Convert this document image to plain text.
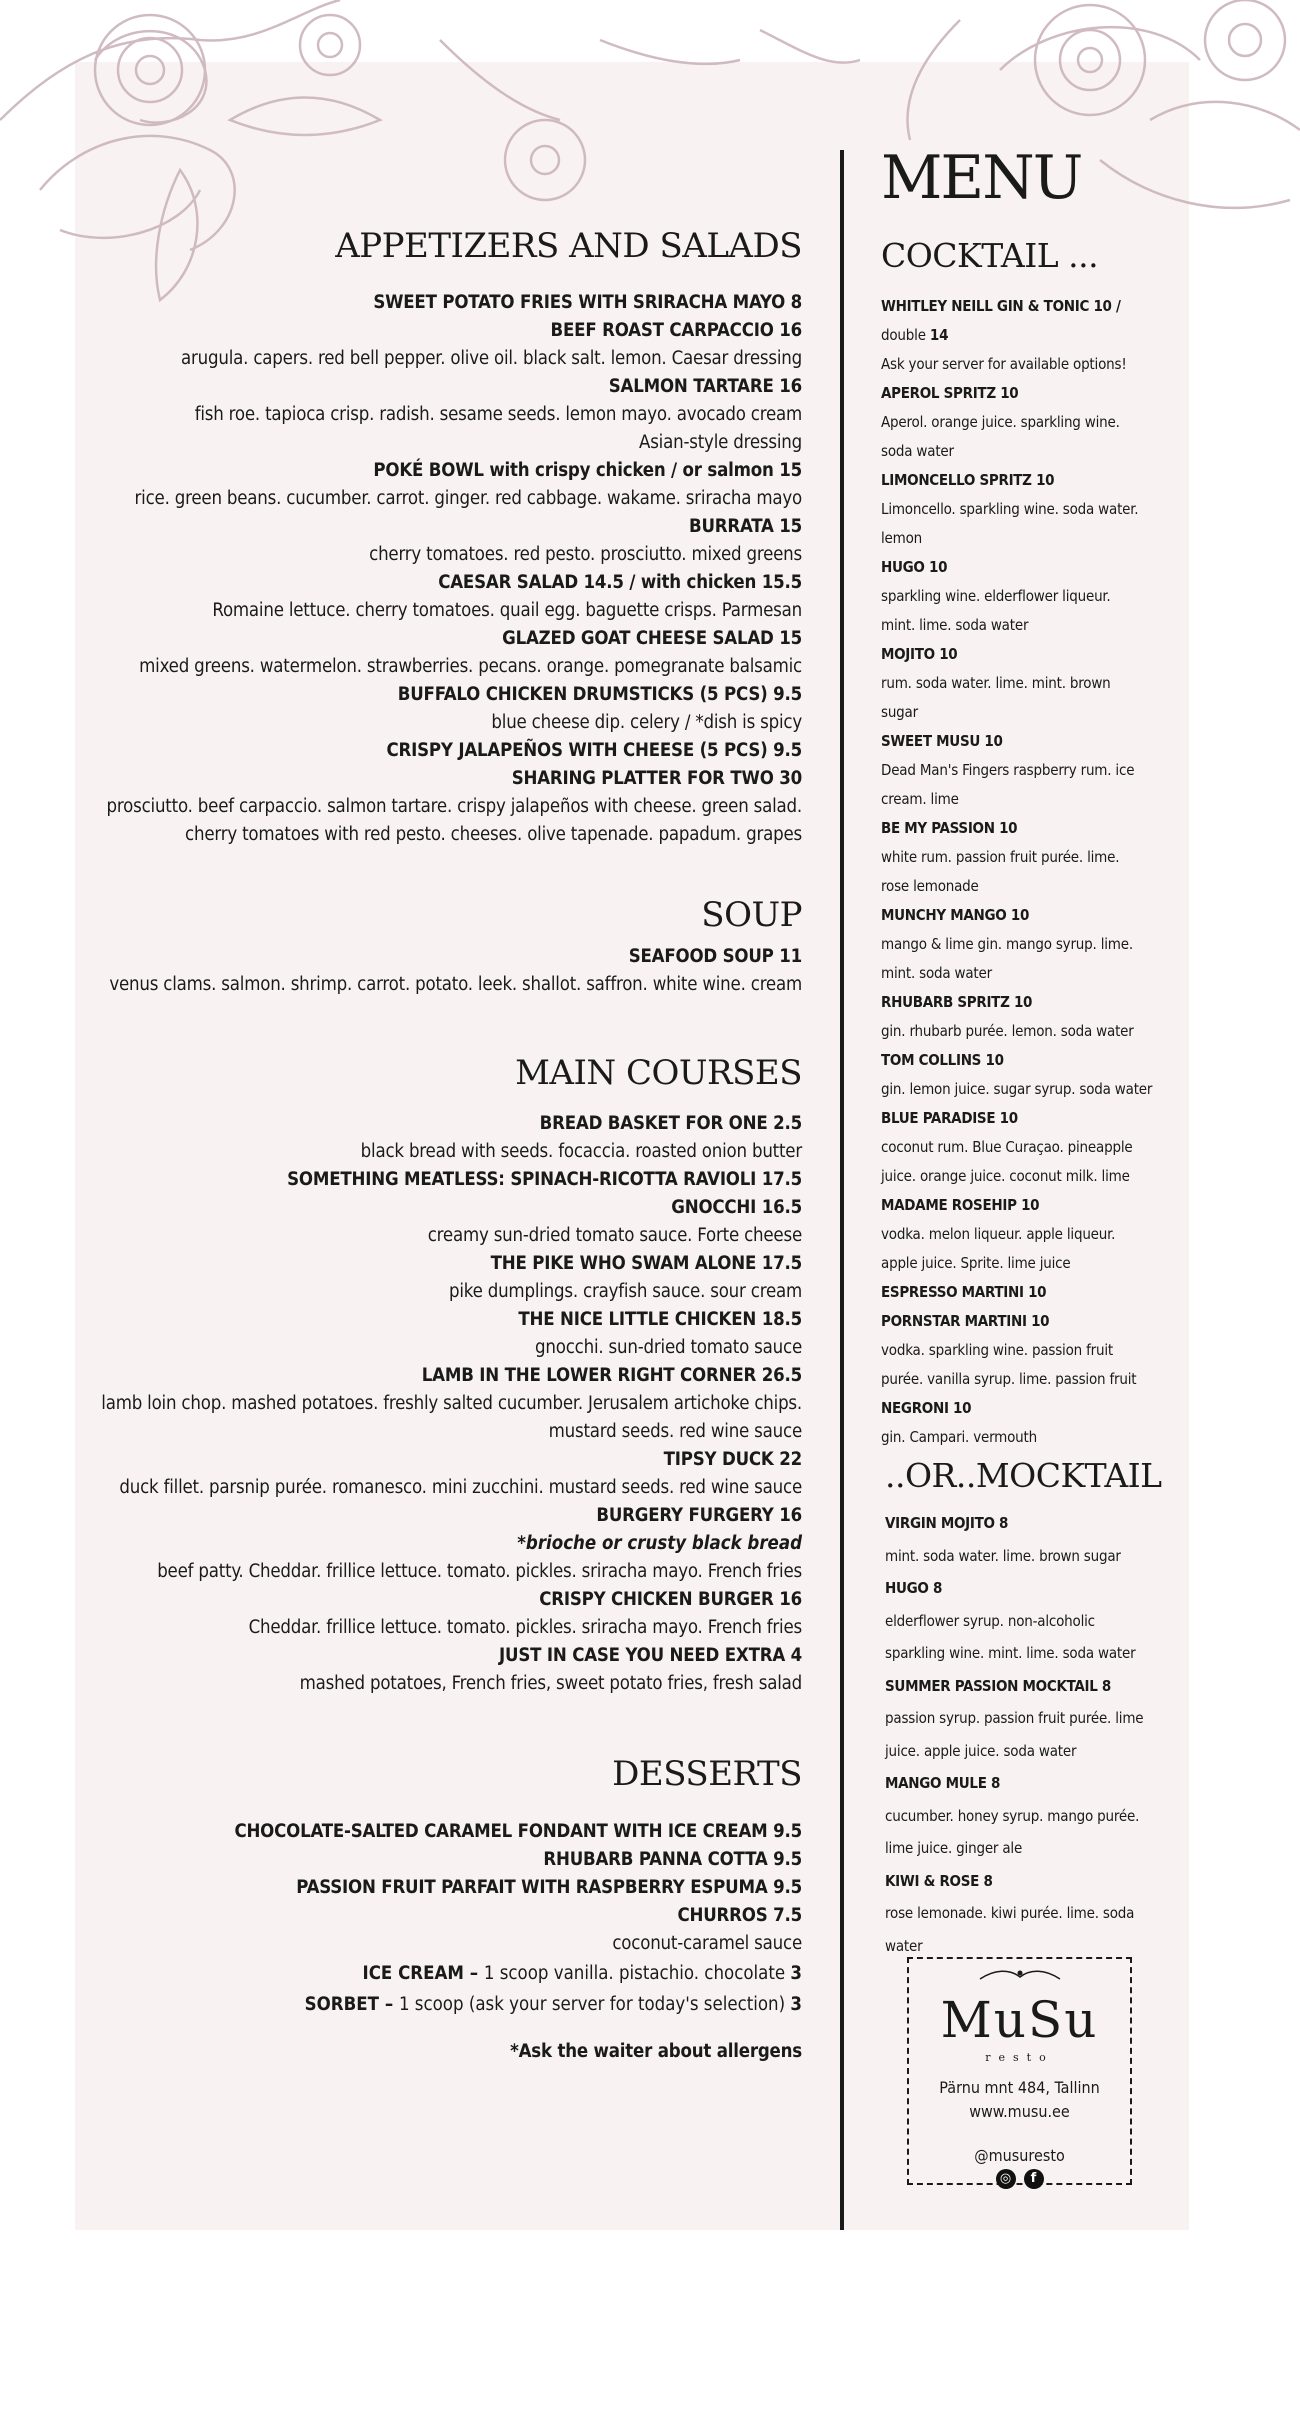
APPETIZERS AND SALADS
SWEET POTATO FRIES WITH SRIRACHA MAYO 8
BEEF ROAST CARPACCIO 16
arugula. capers. red bell pepper. olive oil. black salt. lemon. Caesar dressing
SALMON TARTARE 16
fish roe. tapioca crisp. radish. sesame seeds. lemon mayo. avocado cream
Asian-style dressing
POKÉ BOWL with crispy chicken / or salmon 15
rice. green beans. cucumber. carrot. ginger. red cabbage. wakame. sriracha mayo
BURRATA 15
cherry tomatoes. red pesto. prosciutto. mixed greens
CAESAR SALAD 14.5 / with chicken 15.5
Romaine lettuce. cherry tomatoes. quail egg. baguette crisps. Parmesan
GLAZED GOAT CHEESE SALAD 15
mixed greens. watermelon. strawberries. pecans. orange. pomegranate balsamic
BUFFALO CHICKEN DRUMSTICKS (5 PCS) 9.5
blue cheese dip. celery / *dish is spicy
CRISPY JALAPEÑOS WITH CHEESE (5 PCS) 9.5
SHARING PLATTER FOR TWO 30
prosciutto. beef carpaccio. salmon tartare. crispy jalapeños with cheese. green salad.
cherry tomatoes with red pesto. cheeses. olive tapenade. papadum. grapes
SOUP
SEAFOOD SOUP 11
venus clams. salmon. shrimp. carrot. potato. leek. shallot. saffron. white wine. cream
MAIN COURSES
BREAD BASKET FOR ONE 2.5
black bread with seeds. focaccia. roasted onion butter
SOMETHING MEATLESS: SPINACH-RICOTTA RAVIOLI 17.5
GNOCCHI 16.5
creamy sun-dried tomato sauce. Forte cheese
THE PIKE WHO SWAM ALONE 17.5
pike dumplings. crayfish sauce. sour cream
THE NICE LITTLE CHICKEN 18.5
gnocchi. sun-dried tomato sauce
LAMB IN THE LOWER RIGHT CORNER 26.5
lamb loin chop. mashed potatoes. freshly salted cucumber. Jerusalem artichoke chips.
mustard seeds. red wine sauce
TIPSY DUCK 22
duck fillet. parsnip purée. romanesco. mini zucchini. mustard seeds. red wine sauce
BURGERY FURGERY 16
*brioche or crusty black bread
beef patty. Cheddar. frillice lettuce. tomato. pickles. sriracha mayo. French fries
CRISPY CHICKEN BURGER 16
Cheddar. frillice lettuce. tomato. pickles. sriracha mayo. French fries
JUST IN CASE YOU NEED EXTRA 4
mashed potatoes, French fries, sweet potato fries, fresh salad
DESSERTS
CHOCOLATE-SALTED CARAMEL FONDANT WITH ICE CREAM 9.5
RHUBARB PANNA COTTA 9.5
PASSION FRUIT PARFAIT WITH RASPBERRY ESPUMA 9.5
CHURROS 7.5
coconut-caramel sauce
ICE CREAM – 1 scoop vanilla. pistachio. chocolate 3
SORBET – 1 scoop (ask your server for today's selection) 3
*Ask the waiter about allergens
MENU
COCKTAIL ...
WHITLEY NEILL GIN & TONIC 10 /
double 14
Ask your server for available options!
APEROL SPRITZ 10
Aperol. orange juice. sparkling wine.
soda water
LIMONCELLO SPRITZ 10
Limoncello. sparkling wine. soda water.
lemon
HUGO 10
sparkling wine. elderflower liqueur.
mint. lime. soda water
MOJITO 10
rum. soda water. lime. mint. brown
sugar
SWEET MUSU 10
Dead Man's Fingers raspberry rum. ice
cream. lime
BE MY PASSION 10
white rum. passion fruit purée. lime.
rose lemonade
MUNCHY MANGO 10
mango & lime gin. mango syrup. lime.
mint. soda water
RHUBARB SPRITZ 10
gin. rhubarb purée. lemon. soda water
TOM COLLINS 10
gin. lemon juice. sugar syrup. soda water
BLUE PARADISE 10
coconut rum. Blue Curaçao. pineapple
juice. orange juice. coconut milk. lime
MADAME ROSEHIP 10
vodka. melon liqueur. apple liqueur.
apple juice. Sprite. lime juice
ESPRESSO MARTINI 10
PORNSTAR MARTINI 10
vodka. sparkling wine. passion fruit
purée. vanilla syrup. lime. passion fruit
NEGRONI 10
gin. Campari. vermouth
..OR..MOCKTAIL
VIRGIN MOJITO 8
mint. soda water. lime. brown sugar
HUGO 8
elderflower syrup. non-alcoholic
sparkling wine. mint. lime. soda water
SUMMER PASSION MOCKTAIL 8
passion syrup. passion fruit purée. lime
juice. apple juice. soda water
MANGO MULE 8
cucumber. honey syrup. mango purée.
lime juice. ginger ale
KIWI & ROSE 8
rose lemonade. kiwi purée. lime. soda
water
MuSu
resto
Pärnu mnt 484, Tallinn
www.musu.ee
@musuresto
◎	f
